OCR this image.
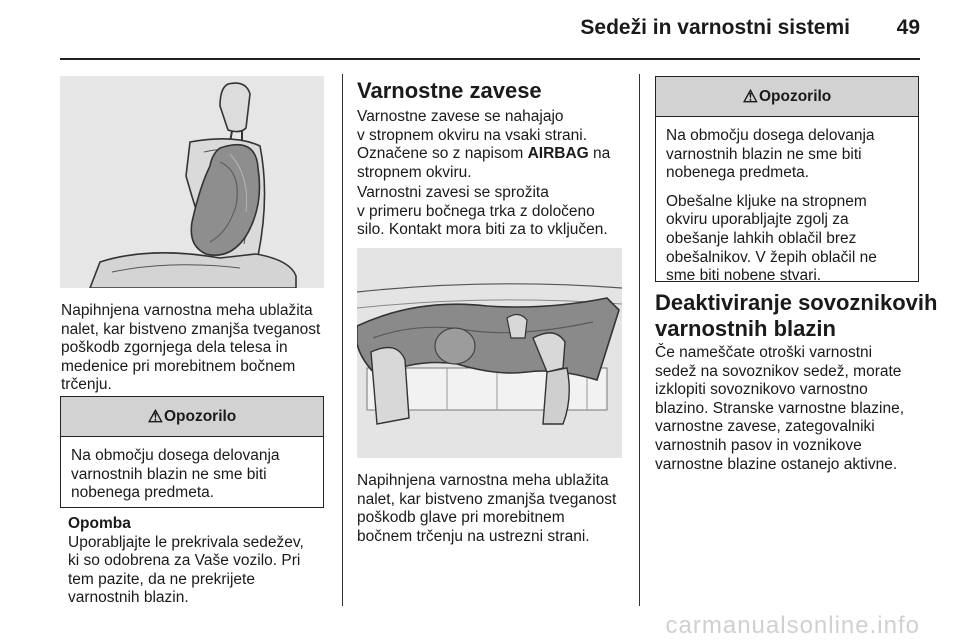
Sedeži in varnostni sistemi	49
Napihnjena varnostna meha ublažita
nalet, kar bistveno zmanjša tveganost
poškodb zgornjega dela telesa in
medenice pri morebitnem bočnem
trčenju.
⚠ Opozorilo
Na območju dosega delovanja
varnostnih blazin ne sme biti
nobenega predmeta.
Opomba
Uporabljajte le prekrivala sedežev,
ki so odobrena za Vaše vozilo. Pri
tem pazite, da ne prekrijete
varnostnih blazin.
Varnostne zavese
Varnostne zavese se nahajajo
v stropnem okviru na vsaki strani.
Označene so z napisom AIRBAG na
stropnem okviru.
Varnostni zavesi se sprožita
v primeru bočnega trka z določeno
silo. Kontakt mora biti za to vključen.
Napihnjena varnostna meha ublažita
nalet, kar bistveno zmanjša tveganost
poškodb glave pri morebitnem
bočnem trčenju na ustrezni strani.
⚠ Opozorilo
Na območju dosega delovanja
varnostnih blazin ne sme biti
nobenega predmeta.
Obešalne kljuke na stropnem
okviru uporabljajte zgolj za
obešanje lahkih oblačil brez
obešalnikov. V žepih oblačil ne
sme biti nobene stvari.
Deaktiviranje sovoznikovih
varnostnih blazin
Če nameščate otroški varnostni
sedež na sovoznikov sedež, morate
izklopiti sovoznikovo varnostno
blazino. Stranske varnostne blazine,
varnostne zavese, zategovalniki
varnostnih pasov in voznikove
varnostne blazine ostanejo aktivne.
carmanualsonline.info
